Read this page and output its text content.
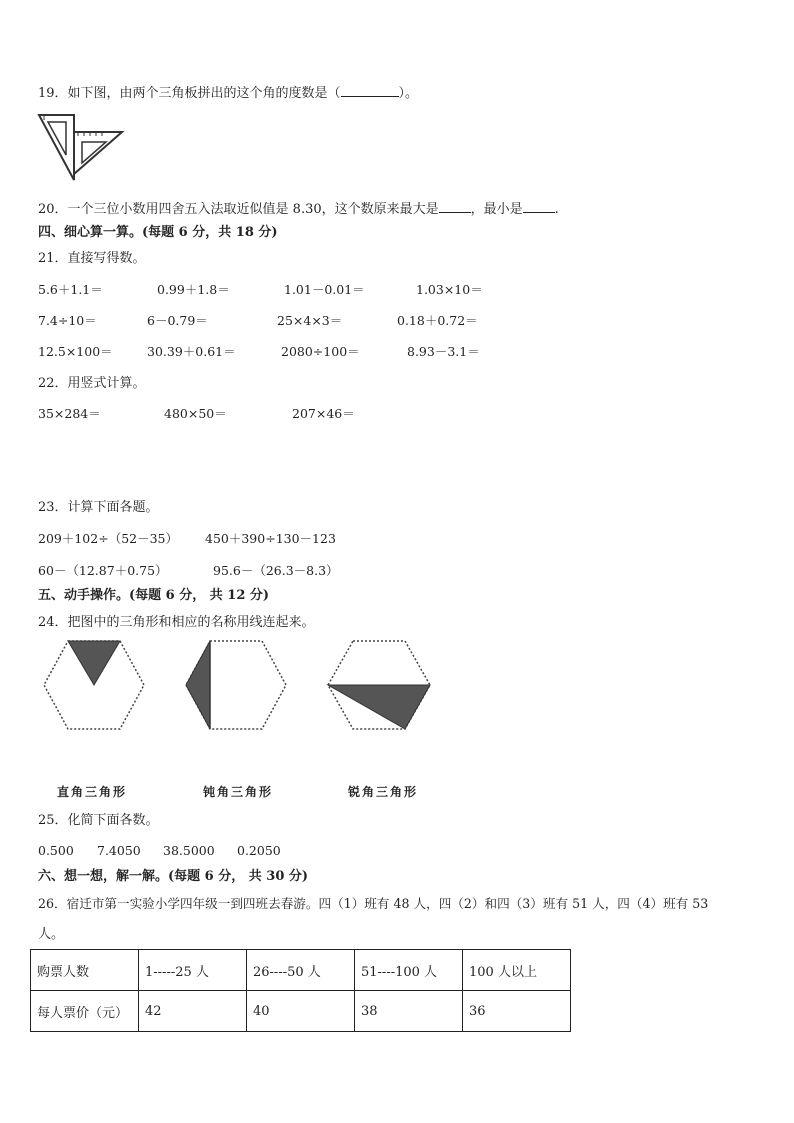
19．如下图，由两个三角板拼出的这个角的度数是（	）。
20．一个三位小数用四舍五入法取近似值是 8.30，这个数原来最大是 ，最小是 .
四、细心算一算。(每题 6 分，共 18 分)
21．直接写得数。
5.6＋1.1＝	0.99＋1.8＝	1.01－0.01＝	1.03×10＝
7.4÷10＝	6－0.79＝	25×4×3＝	0.18＋0.72＝
12.5×100＝	30.39＋0.61＝	2080÷100＝	8.93－3.1＝
22．用竖式计算。
35×284＝	480×50＝	207×46＝
23．计算下面各题。
209＋102÷（52－35） 450＋390÷130－123
60－（12.87＋0.75）	95.6－（26.3－8.3）
五、动手操作。(每题 6 分， 共 12 分)
24．把图中的三角形和相应的名称用线连起来。
直角三角形	钝角三角形	锐角三角形
25．化简下面各数。
0.500 7.4050 38.5000 0.2050
六、想一想，解一解。(每题 6 分， 共 30 分)
26．宿迁市第一实验小学四年级一到四班去春游。四（1）班有 48 人，四（2）和四（3）班有 51 人，四（4）班有 53
人。
购票人数	1-----25 人	26----50 人	51----100 人	100 人以上
每人票价（元）	42	40	38	36
